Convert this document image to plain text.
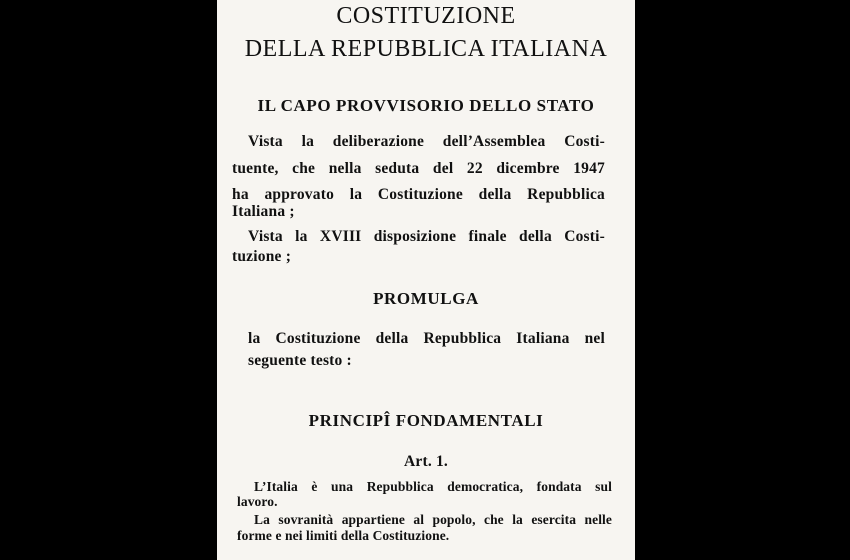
COSTITUZIONE

DELLA REPUBBLICA ITALIANA

IL CAPO PROVVISORIO DELLO STATO

Vista la deliberazione dell’Assemblea Costi-

tuente, che nella seduta del 22 dicembre 1947

ha approvato la Costituzione della Repubblica

Italiana ;

Vista la XVIII disposizione finale della Costi-

tuzione ;

PROMULGA

la Costituzione della Repubblica Italiana nel

seguente testo :

PRINCIPÎ FONDAMENTALI

Art. 1.

L’Italia è una Repubblica democratica, fondata sul

lavoro.

La sovranità appartiene al popolo, che la esercita nelle

forme e nei limiti della Costituzione.
